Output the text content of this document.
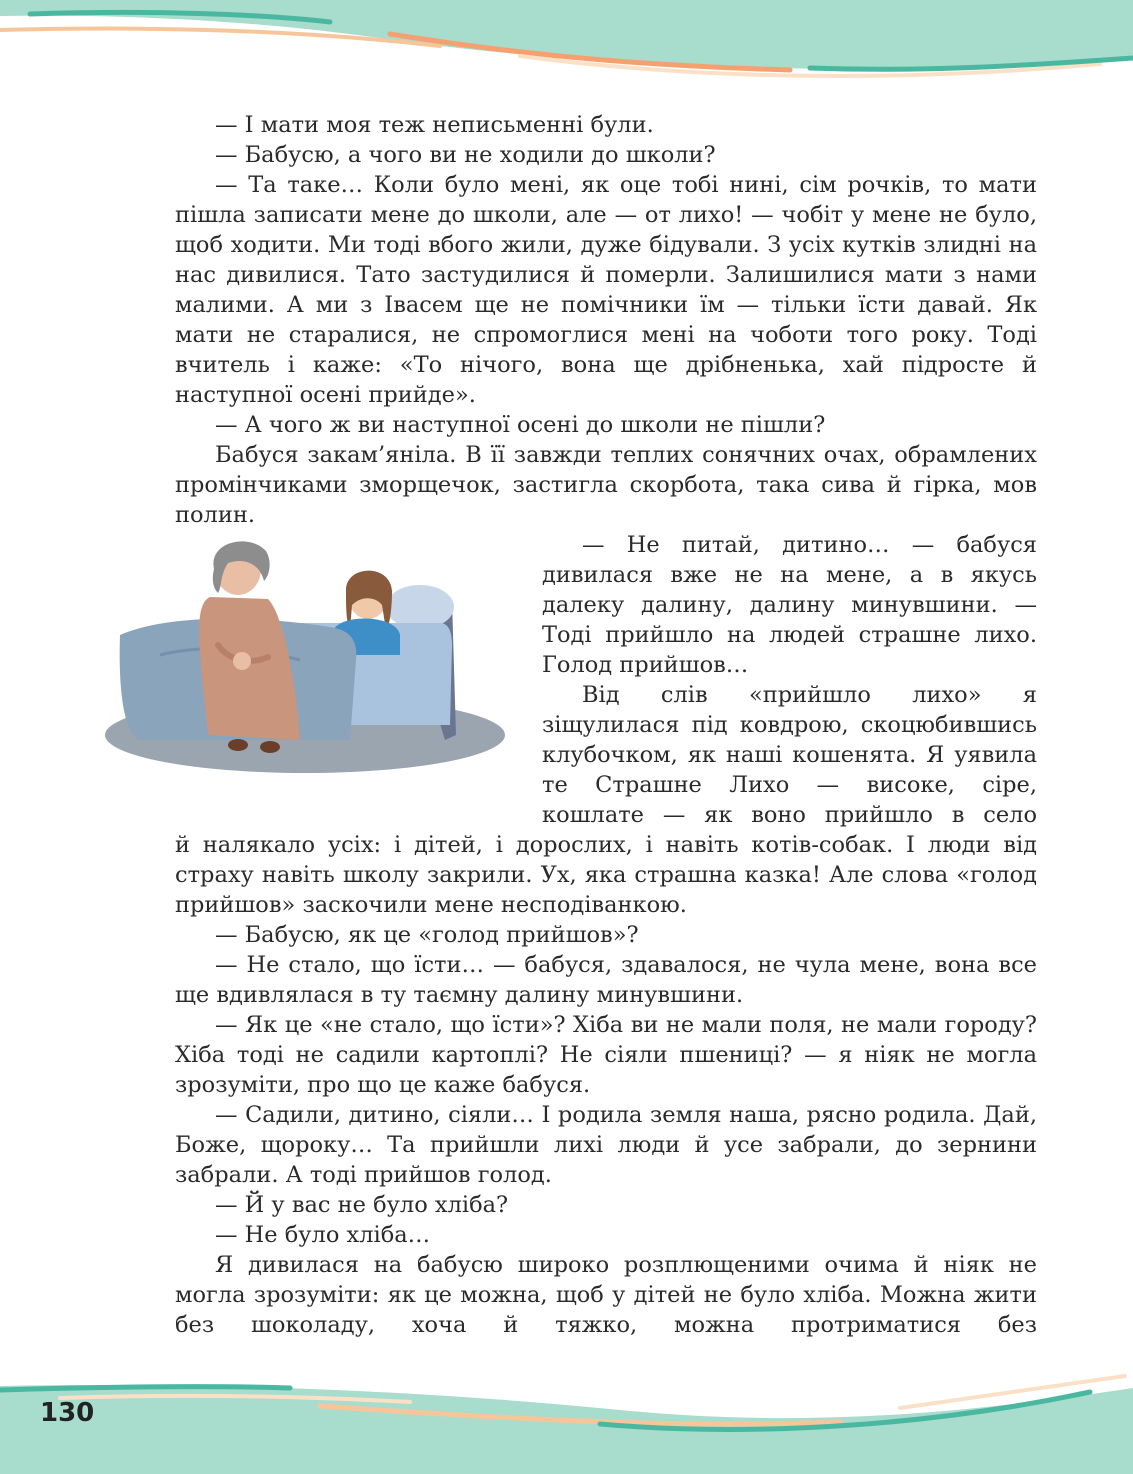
— І мати моя теж неписьменні були.

— Бабусю, а чого ви не ходили до школи?

— Та таке… Коли було мені, як оце тобі нині, сім рочків, то мати пішла записати мене до школи, але — от лихо! — чобіт у мене не було, щоб ходити. Ми тоді вбого жили, дуже бідували. З усіх кутків злидні на нас дивилися. Тато застудилися й померли. Залишилися мати з нами малими. А ми з Івасем ще не помічники їм — тільки їсти давай. Як мати не старалися, не спромоглися мені на чоботи того року. Тоді вчитель і каже: «То нічого, вона ще дрібненька, хай підросте й наступної осені прийде».

— А чого ж ви наступної осені до школи не пішли?

Бабуся закам’яніла. В її завжди теплих сонячних очах, обрамлених промінчиками зморщечок, застигла скорбота, така сива й гірка, мов полин.

— Не питай, дитино… — бабуся дивилася вже не на мене, а в якусь далеку далину, далину минувшини. — Тоді прийшло на людей страшне лихо. Голод прийшов…

Від слів «прийшло лихо» я зіщулилася під ковдрою, скоцюбившись клубочком, як наші кошенята. Я уявила те Страшне Лихо — високе, сіре, кошлате — як воно прийшло в село

й налякало усіх: і дітей, і дорослих, і навіть котів-собак. І люди від страху навіть школу закрили. Ух, яка страшна казка! Але слова «голод прийшов» заскочили мене несподіванкою.

— Бабусю, як це «голод прийшов»?

— Не стало, що їсти… — бабуся, здавалося, не чула мене, вона все ще вдивлялася в ту таємну далину минувшини.

— Як це «не стало, що їсти»? Хіба ви не мали поля, не мали городу? Хіба тоді не садили картоплі? Не сіяли пшениці? — я ніяк не могла зрозуміти, про що це каже бабуся.

— Садили, дитино, сіяли… І родила земля наша, рясно родила. Дай, Боже, щороку… Та прийшли лихі люди й усе забрали, до зернини забрали. А тоді прийшов голод.

— Й у вас не було хліба?

— Не було хліба…

Я дивилася на бабусю широко розплющеними очима й ніяк не могла зрозуміти: як це можна, щоб у дітей не було хліба. Можна жити без шоколаду, хоча й тяжко, можна протриматися без

130
